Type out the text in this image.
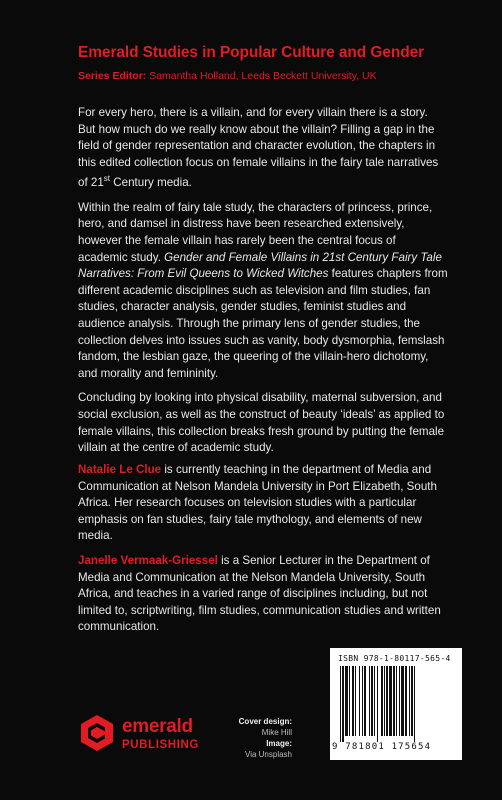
Emerald Studies in Popular Culture and Gender
Series Editor: Samantha Holland, Leeds Beckett University, UK

For every hero, there is a villain, and for every villain there is a story. But how much do we really know about the villain? Filling a gap in the field of gender representation and character evolution, the chapters in this edited collection focus on female villains in the fairy tale narratives of 21st Century media.

Within the realm of fairy tale study, the characters of princess, prince, hero, and damsel in distress have been researched extensively, however the female villain has rarely been the central focus of academic study. Gender and Female Villains in 21st Century Fairy Tale Narratives: From Evil Queens to Wicked Witches features chapters from different academic disciplines such as television and film studies, fan studies, character analysis, gender studies, feminist studies and audience analysis. Through the primary lens of gender studies, the collection delves into issues such as vanity, body dysmorphia, femslash fandom, the lesbian gaze, the queering of the villain-hero dichotomy, and morality and femininity.

Concluding by looking into physical disability, maternal subversion, and social exclusion, as well as the construct of beauty ‘ideals’ as applied to female villains, this collection breaks fresh ground by putting the female villain at the centre of academic study.

Natalie Le Clue is currently teaching in the department of Media and Communication at Nelson Mandela University in Port Elizabeth, South Africa. Her research focuses on television studies with a particular emphasis on fan studies, fairy tale mythology, and elements of new media.

Janelle Vermaak-Griessel is a Senior Lecturer in the Department of Media and Communication at the Nelson Mandela University, South Africa, and teaches in a varied range of disciplines including, but not limited to, scriptwriting, film studies, communication studies and written communication.

emerald
PUBLISHING
Cover design:
Mike Hill
Image:
Via Unsplash
ISBN 978-1-80117-565-4
9 781801 175654
